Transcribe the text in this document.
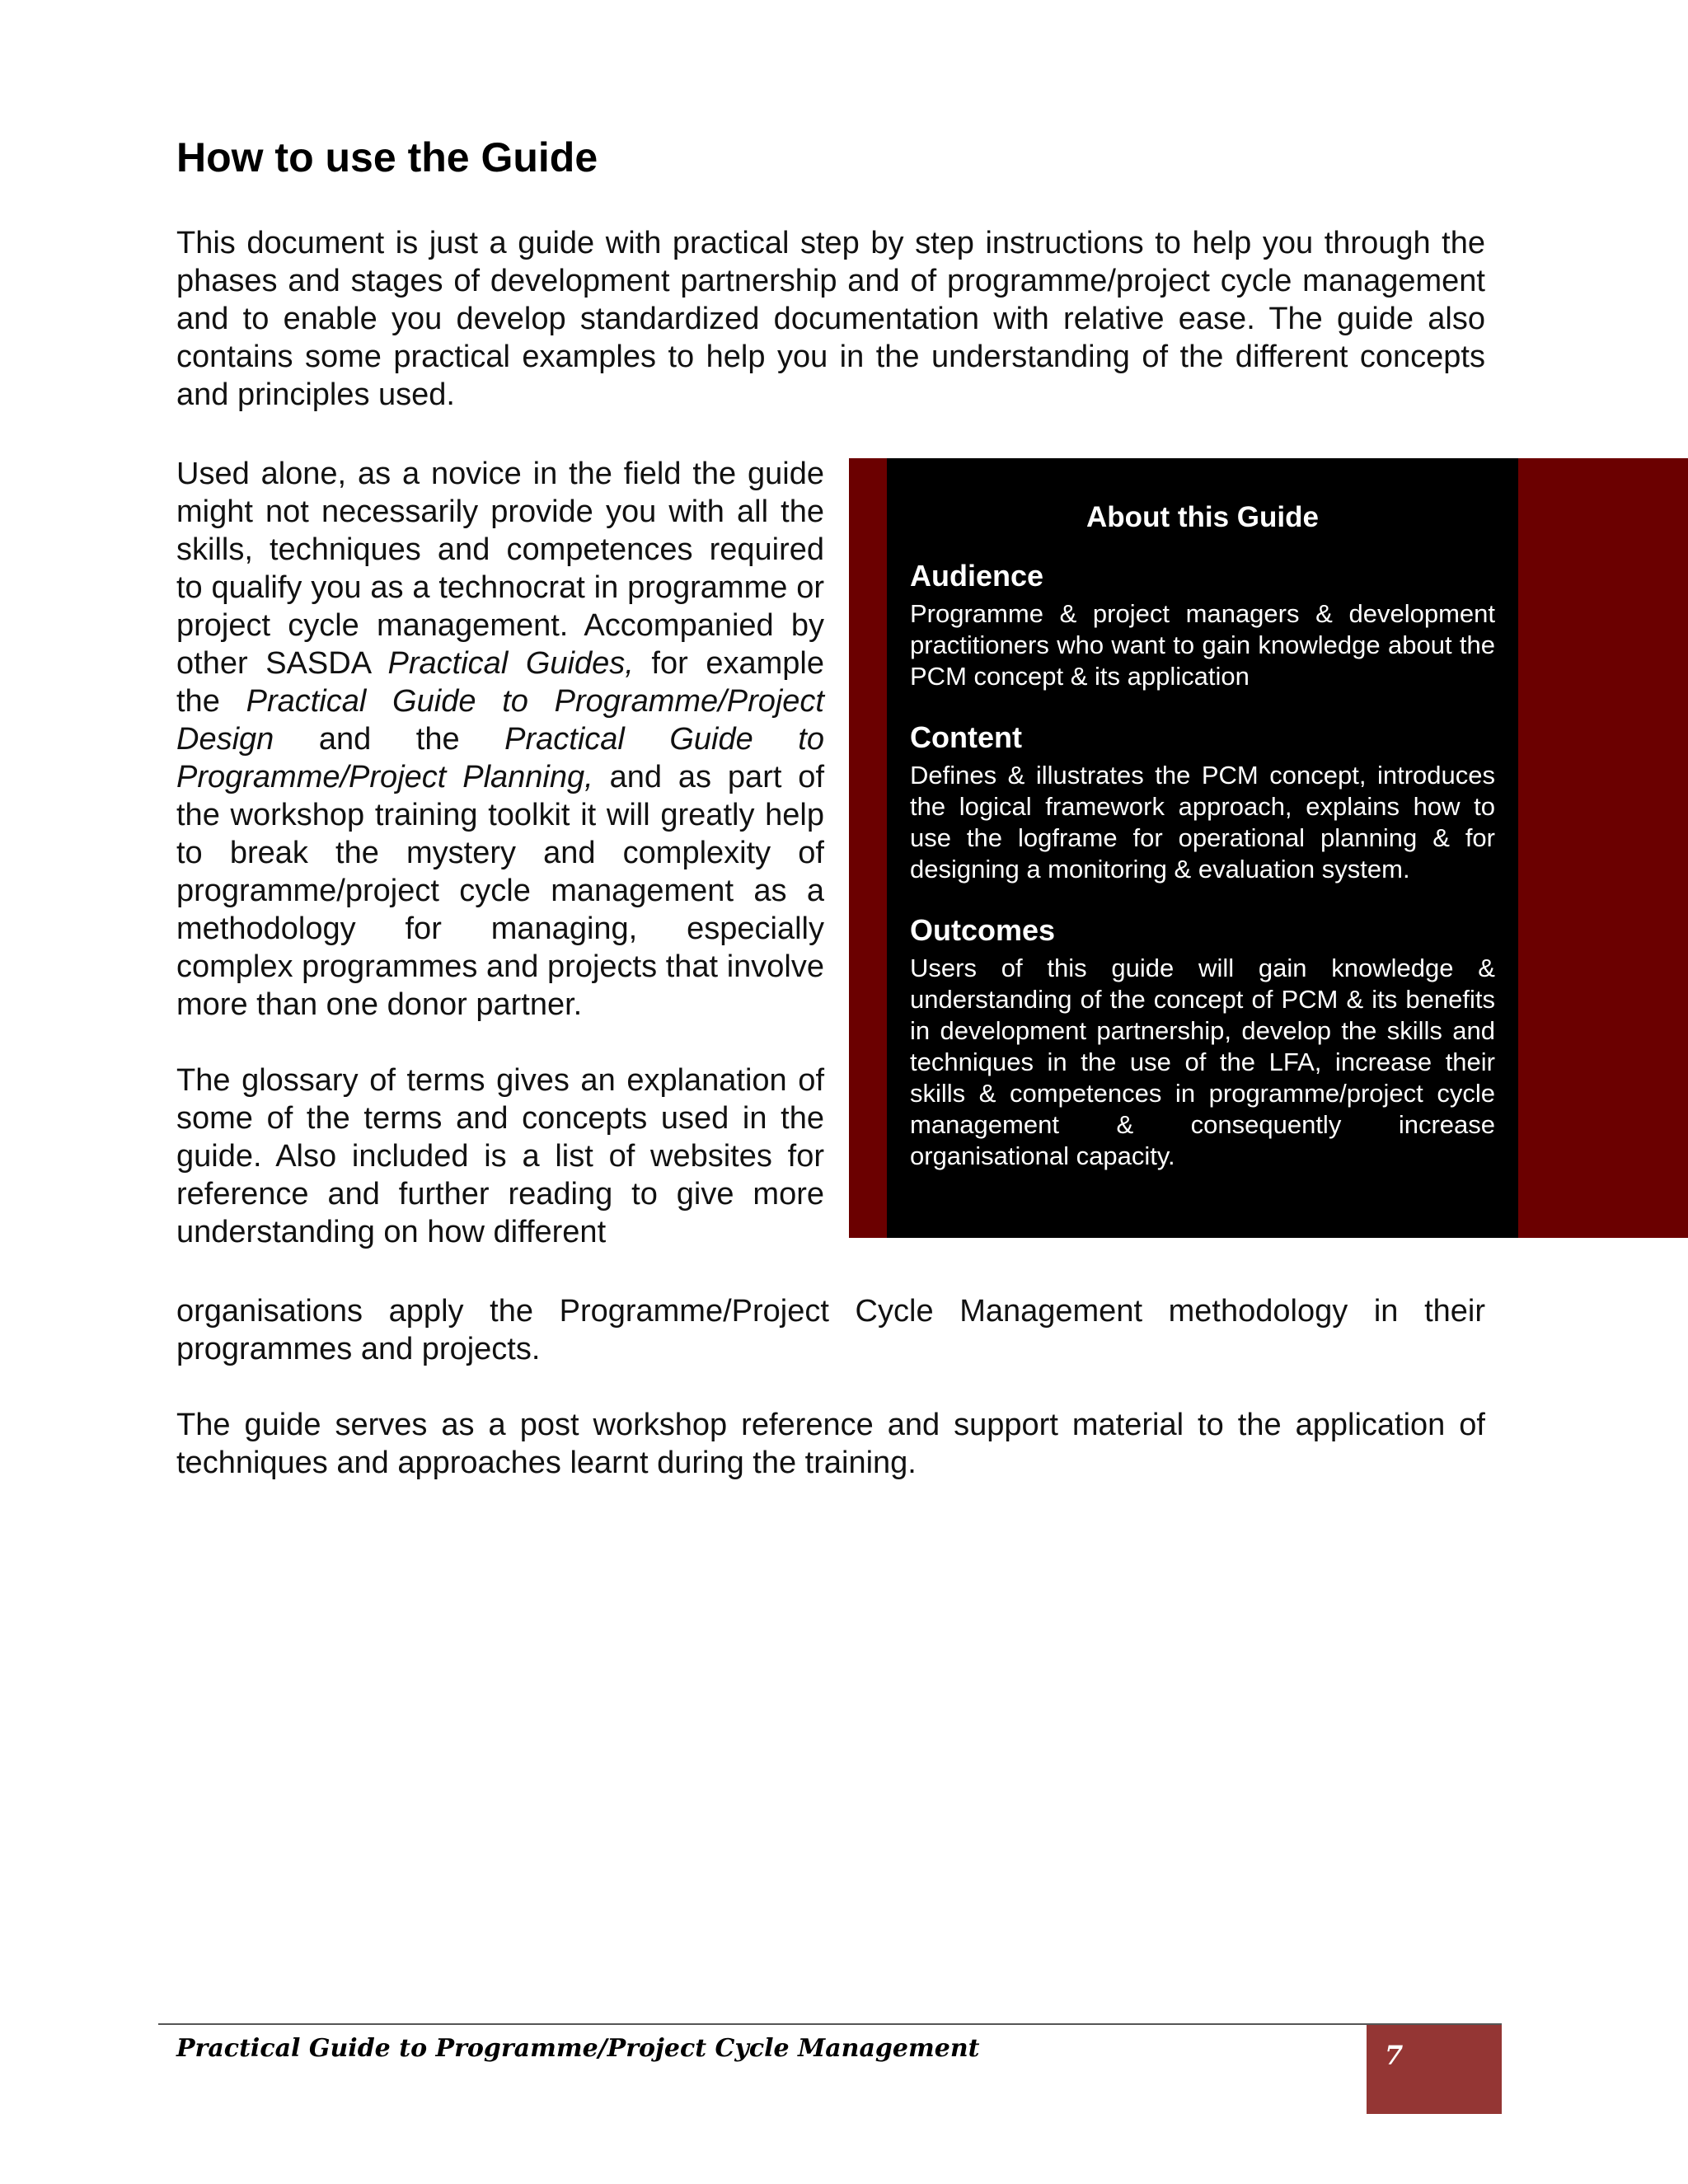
How to use the Guide

This document is just a guide with practical step by step instructions to help you through the phases and stages of development partnership and of programme/project cycle management and to enable you develop standardized documentation with relative ease. The guide also contains some practical examples to help you in the understanding of the different concepts and principles used.

Used alone, as a novice in the field the guide might not necessarily provide you with all the skills, techniques and competences required to qualify you as a technocrat in programme or project cycle management. Accompanied by other SASDA Practical Guides, for example the Practical Guide to Programme/Project Design and the Practical Guide to Programme/Project Planning, and as part of the workshop training toolkit it will greatly help to break the mystery and complexity of programme/project cycle management as a methodology for managing, especially complex programmes and projects that involve more than one donor partner.

The glossary of terms gives an explanation of some of the terms and concepts used in the guide. Also included is a list of websites for reference and further reading to give more understanding on how different

organisations apply the Programme/Project Cycle Management methodology in their programmes and projects.

The guide serves as a post workshop reference and support material to the application of techniques and approaches learnt during the training.

About this Guide
Audience
Programme & project managers & development practitioners who want to gain knowledge about the PCM concept & its application
Content
Defines & illustrates the PCM concept, introduces the logical framework approach, explains how to use the logframe for operational planning & for designing a monitoring & evaluation system.
Outcomes
Users of this guide will gain knowledge & understanding of the concept of PCM & its benefits in development partnership, develop the skills and techniques in the use of the LFA, increase their skills & competences in programme/project cycle management & consequently increase organisational capacity.
Practical Guide to Programme/Project Cycle Management	7
